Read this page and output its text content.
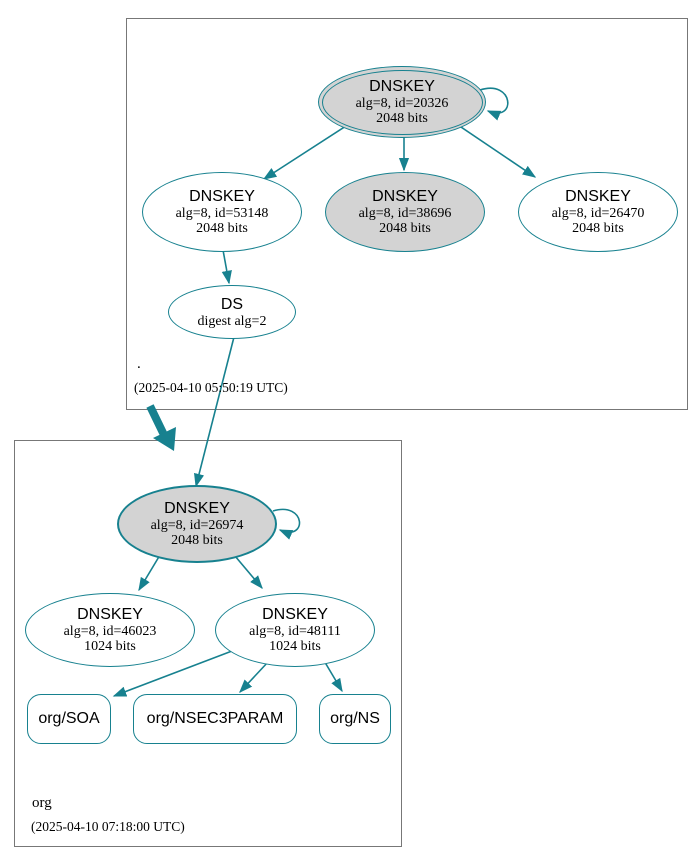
DNSKEY
alg=8, id=20326
2048 bits
DNSKEY
alg=8, id=53148
2048 bits
DNSKEY
alg=8, id=38696
2048 bits
DNSKEY
alg=8, id=26470
2048 bits
DS
digest alg=2
.
(2025-04-10 05:50:19 UTC)
DNSKEY
alg=8, id=26974
2048 bits
DNSKEY
alg=8, id=46023
1024 bits
DNSKEY
alg=8, id=48111
1024 bits
org/SOA	org/NSEC3PARAM	org/NS
org
(2025-04-10 07:18:00 UTC)
